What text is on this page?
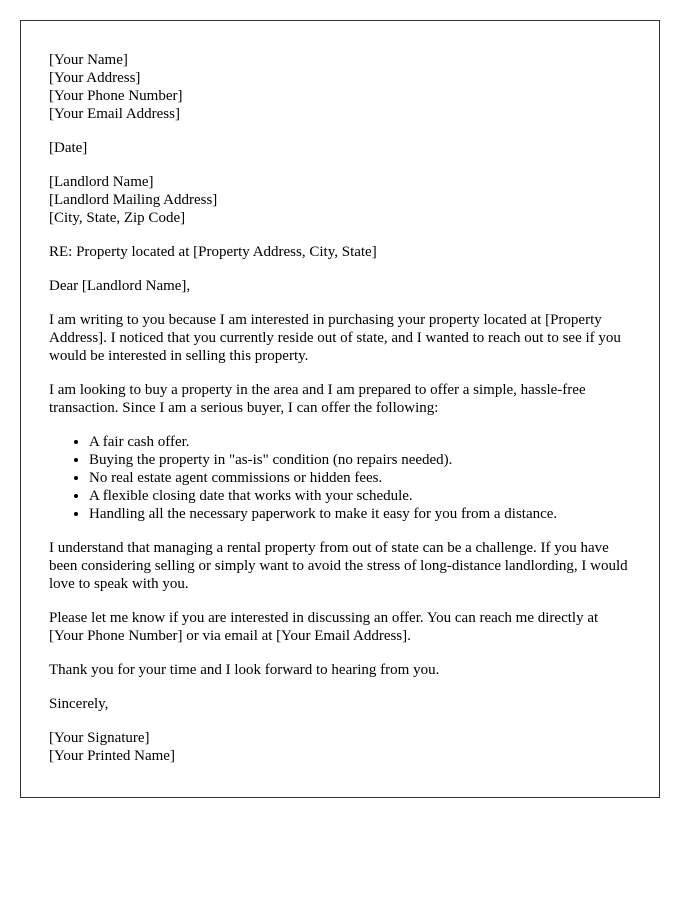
[Your Name]
[Your Address]
[Your Phone Number]
[Your Email Address]
[Date]
[Landlord Name]
[Landlord Mailing Address]
[City, State, Zip Code]

RE: Property located at [Property Address, City, State]

Dear [Landlord Name],

I am writing to you because I am interested in purchasing your property located at [Property Address]. I noticed that you currently reside out of state, and I wanted to reach out to see if you would be interested in selling this property.

I am looking to buy a property in the area and I am prepared to offer a simple, hassle-free transaction. Since I am a serious buyer, I can offer the following:

• A fair cash offer.
• Buying the property in "as-is" condition (no repairs needed).
• No real estate agent commissions or hidden fees.
• A flexible closing date that works with your schedule.
• Handling all the necessary paperwork to make it easy for you from a distance.

I understand that managing a rental property from out of state can be a challenge. If you have been considering selling or simply want to avoid the stress of long-distance landlording, I would love to speak with you.

Please let me know if you are interested in discussing an offer. You can reach me directly at [Your Phone Number] or via email at [Your Email Address].

Thank you for your time and I look forward to hearing from you.

Sincerely,

[Your Signature]
[Your Printed Name]
